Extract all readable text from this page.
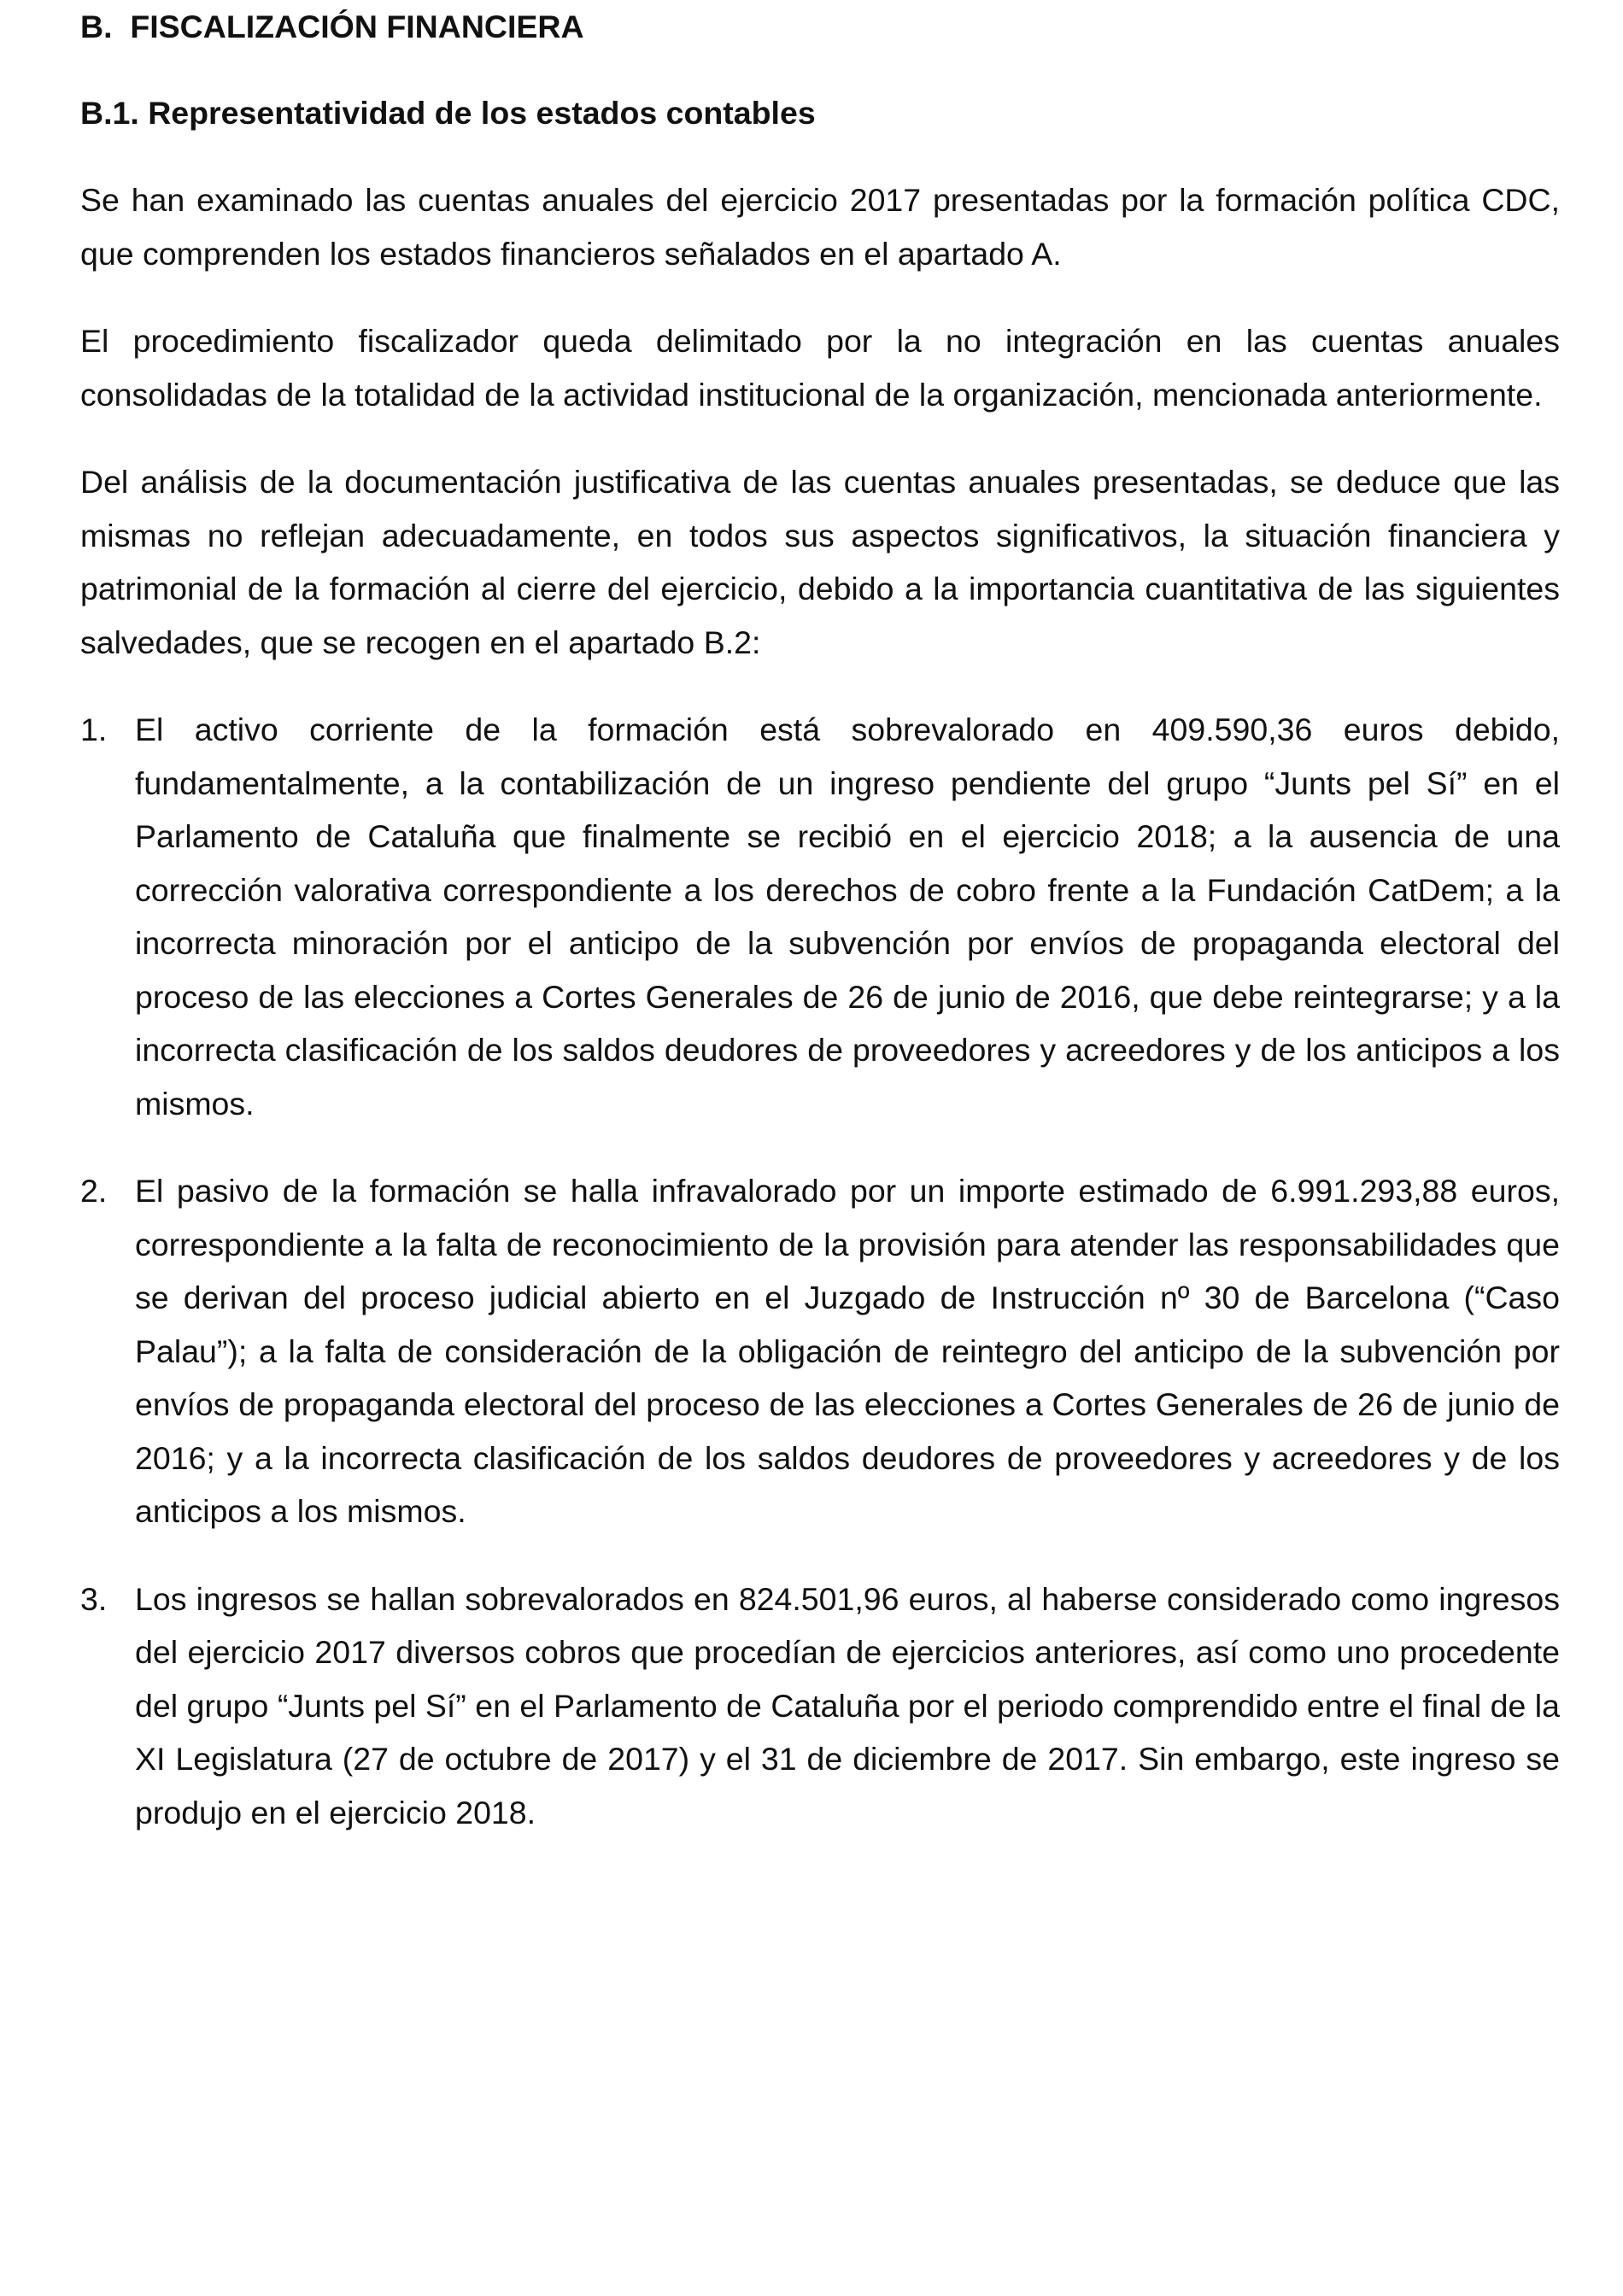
B. FISCALIZACIÓN FINANCIERA

B.1. Representatividad de los estados contables

Se han examinado las cuentas anuales del ejercicio 2017 presentadas por la formación política CDC, que comprenden los estados financieros señalados en el apartado A.

El procedimiento fiscalizador queda delimitado por la no integración en las cuentas anuales consolidadas de la totalidad de la actividad institucional de la organización, mencionada anteriormente.

Del análisis de la documentación justificativa de las cuentas anuales presentadas, se deduce que las mismas no reflejan adecuadamente, en todos sus aspectos significativos, la situación financiera y patrimonial de la formación al cierre del ejercicio, debido a la importancia cuantitativa de las siguientes salvedades, que se recogen en el apartado B.2:

1. El activo corriente de la formación está sobrevalorado en 409.590,36 euros debido, fundamentalmente, a la contabilización de un ingreso pendiente del grupo “Junts pel Sí” en el Parlamento de Cataluña que finalmente se recibió en el ejercicio 2018; a la ausencia de una corrección valorativa correspondiente a los derechos de cobro frente a la Fundación CatDem; a la incorrecta minoración por el anticipo de la subvención por envíos de propaganda electoral del proceso de las elecciones a Cortes Generales de 26 de junio de 2016, que debe reintegrarse; y a la incorrecta clasificación de los saldos deudores de proveedores y acreedores y de los anticipos a los mismos.
2. El pasivo de la formación se halla infravalorado por un importe estimado de 6.991.293,88 euros, correspondiente a la falta de reconocimiento de la provisión para atender las responsabilidades que se derivan del proceso judicial abierto en el Juzgado de Instrucción nº 30 de Barcelona (“Caso Palau”); a la falta de consideración de la obligación de reintegro del anticipo de la subvención por envíos de propaganda electoral del proceso de las elecciones a Cortes Generales de 26 de junio de 2016; y a la incorrecta clasificación de los saldos deudores de proveedores y acreedores y de los anticipos a los mismos.
3. Los ingresos se hallan sobrevalorados en 824.501,96 euros, al haberse considerado como ingresos del ejercicio 2017 diversos cobros que procedían de ejercicios anteriores, así como uno procedente del grupo “Junts pel Sí” en el Parlamento de Cataluña por el periodo comprendido entre el final de la XI Legislatura (27 de octubre de 2017) y el 31 de diciembre de 2017. Sin embargo, este ingreso se produjo en el ejercicio 2018.
